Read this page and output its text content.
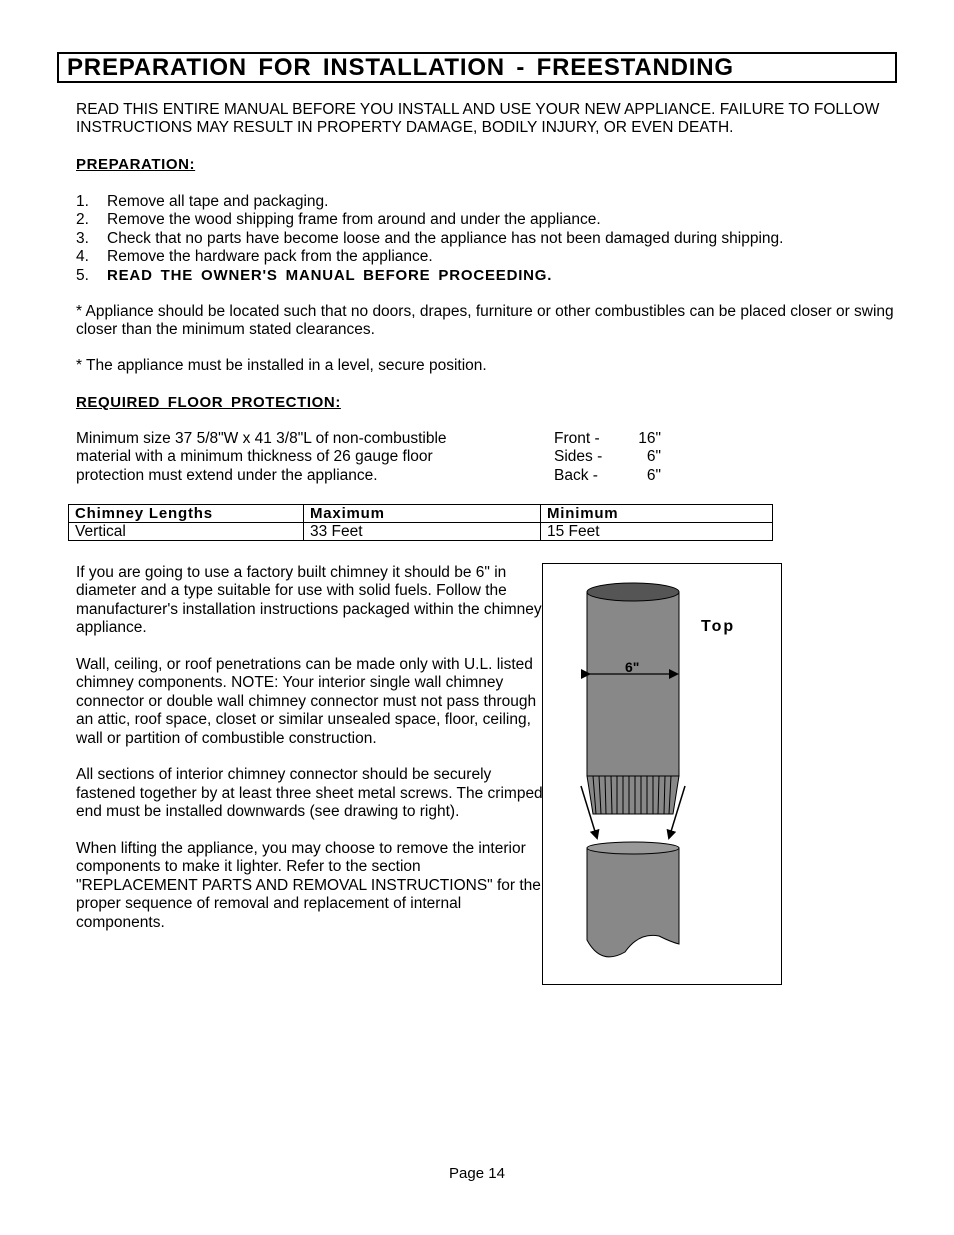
PREPARATION FOR INSTALLATION - FREESTANDING
READ THIS ENTIRE MANUAL BEFORE YOU INSTALL AND USE YOUR NEW APPLIANCE. FAILURE TO FOLLOW INSTRUCTIONS MAY RESULT IN PROPERTY DAMAGE, BODILY INJURY, OR EVEN DEATH.
PREPARATION:
1. Remove all tape and packaging.
2. Remove the wood shipping frame from around and under the appliance.
3. Check that no parts have become loose and the appliance has not been damaged during shipping.
4. Remove the hardware pack from the appliance.
5. READ THE OWNER'S MANUAL BEFORE PROCEEDING.
* Appliance should be located such that no doors, drapes, furniture or other combustibles can be placed closer or swing closer than the minimum stated clearances.
* The appliance must be installed in a level, secure position.
REQUIRED FLOOR PROTECTION:
Minimum size 37 5/8"W x 41 3/8"L of non-combustible
material with a minimum thickness of 26 gauge floor
protection must extend under the appliance.
Front - 16"
Sides -	6"
Back -	6"
Chimney Lengths	Maximum	Minimum
Vertical	33 Feet	15 Feet

If you are going to use a factory built chimney it should be 6" in diameter and a type suitable for use with solid fuels. Follow the manufacturer's installation instructions packaged within the chimney appliance.

Wall, ceiling, or roof penetrations can be made only with U.L. listed chimney components. NOTE: Your interior single wall chimney connector or double wall chimney connector must not pass through an attic, roof space, closet or similar unsealed space, floor, ceiling, wall or partition of combustible construction.

All sections of interior chimney connector should be securely fastened together by at least three sheet metal screws. The crimped end must be installed downwards (see drawing to right).

When lifting the appliance, you may choose to remove the interior components to make it lighter. Refer to the section "REPLACEMENT PARTS AND REMOVAL INSTRUCTIONS" for the proper sequence of removal and replacement of internal components.

Top
6"
Page 14
